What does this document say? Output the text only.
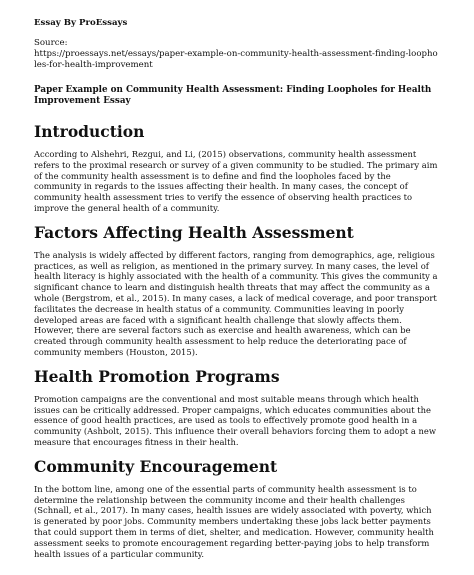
Essay By ProEssays

Source:

https://proessays.net/essays/paper-example-on-community-health-assessment-finding-loopholes-for-health-improvement

Paper Example on Community Health Assessment: Finding Loopholes for Health Improvement Essay
Introduction

According to Alshehri, Rezgui, and Li, (2015) observations, community health assessment refers to the proximal research or survey of a given community to be studied. The primary aim of the community health assessment is to define and find the loopholes faced by the community in regards to the issues affecting their health. In many cases, the concept of community health assessment tries to verify the essence of observing health practices to improve the general health of a community.

Factors Affecting Health Assessment

The analysis is widely affected by different factors, ranging from demographics, age, religious practices, as well as religion, as mentioned in the primary survey. In many cases, the level of health literacy is highly associated with the health of a community. This gives the community a significant chance to learn and distinguish health threats that may affect the community as a whole (Bergstrom, et al., 2015). In many cases, a lack of medical coverage, and poor transport facilitates the decrease in health status of a community. Communities leaving in poorly developed areas are faced with a significant health challenge that slowly affects them. However, there are several factors such as exercise and health awareness, which can be created through community health assessment to help reduce the deteriorating pace of community members (Houston, 2015).

Health Promotion Programs

Promotion campaigns are the conventional and most suitable means through which health issues can be critically addressed. Proper campaigns, which educates communities about the essence of good health practices, are used as tools to effectively promote good health in a community (Ashbolt, 2015). This influence their overall behaviors forcing them to adopt a new measure that encourages fitness in their health.

Community Encouragement

In the bottom line, among one of the essential parts of community health assessment is to determine the relationship between the community income and their health challenges (Schnall, et al., 2017). In many cases, health issues are widely associated with poverty, which is generated by poor jobs. Community members undertaking these jobs lack better payments that could support them in terms of diet, shelter, and medication. However, community health assessment seeks to promote encouragement regarding better-paying jobs to help transform health issues of a particular community.
